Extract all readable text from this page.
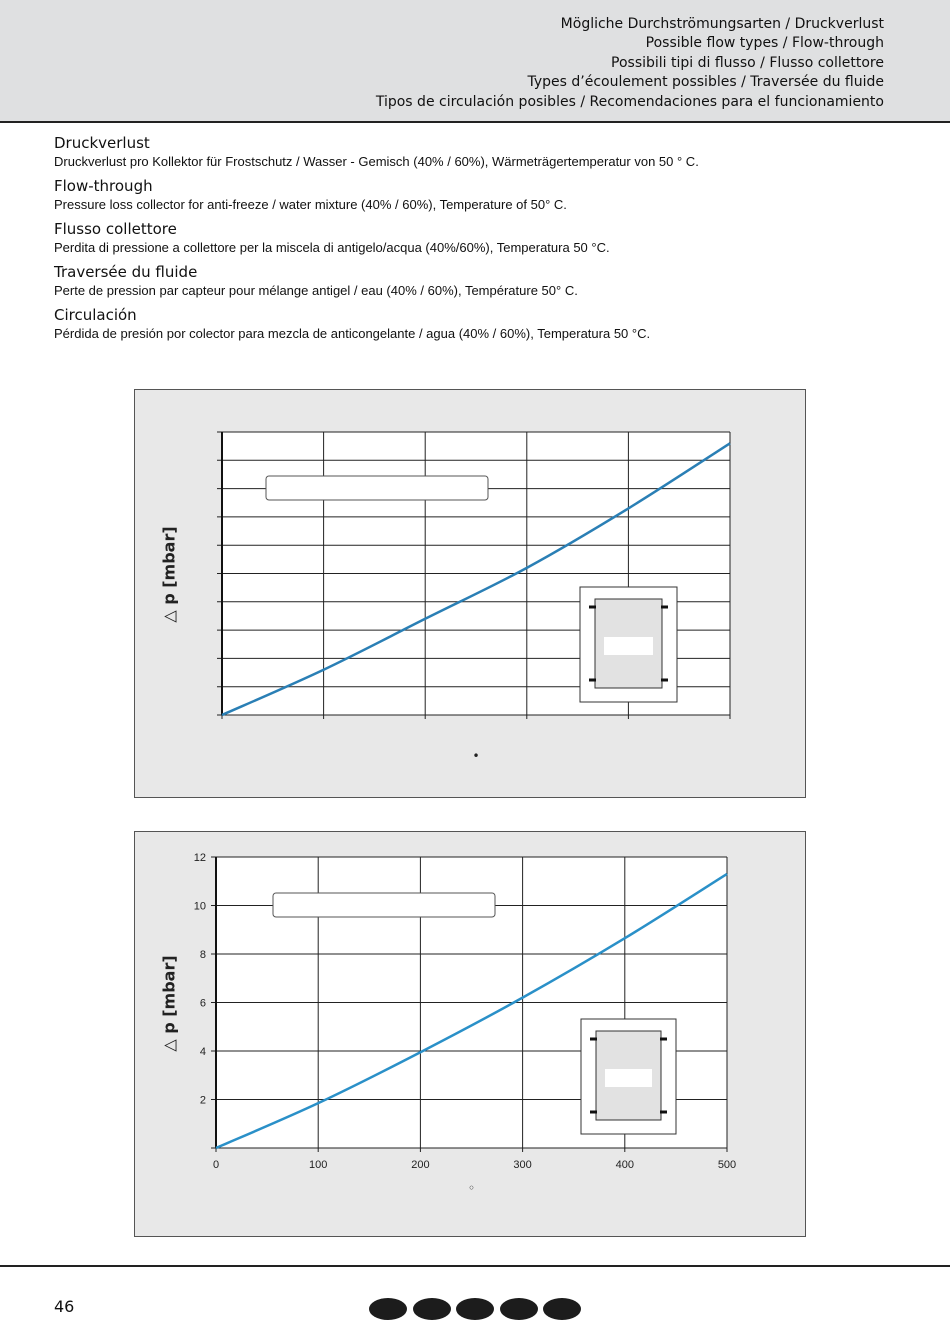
Mögliche Durchströmungsarten / Druckverlust
Possible flow types / Flow-through
Possibili tipi di flusso / Flusso collettore
Types d’écoulement possibles / Traversée du fluide
Tipos de circulación posibles / Recomendaciones para el funcionamiento
Druckverlust
Druckverlust pro Kollektor für Frostschutz / Wasser - Gemisch (40% / 60%), Wärmeträgertemperatur von 50 ° C.
Flow-through
Pressure loss collector for anti-freeze / water mixture (40% / 60%), Temperature of 50° C.
Flusso collettore
Perdita di pressione a collettore per la miscela di antigelo/acqua (40%/60%), Temperatura 50 °C.
Traversée du fluide
Perte de pression par capteur pour mélange antigel / eau (40% / 60%), Température 50° C.
Circulación
Pérdida de presión por colector para mezcla de anticongelante / agua (40% / 60%), Temperatura 50 °C.
△ p [mbar]
•
△ p [mbar]
0	100	200	300	400	500
2
4
6
8
10
12
◦
46
